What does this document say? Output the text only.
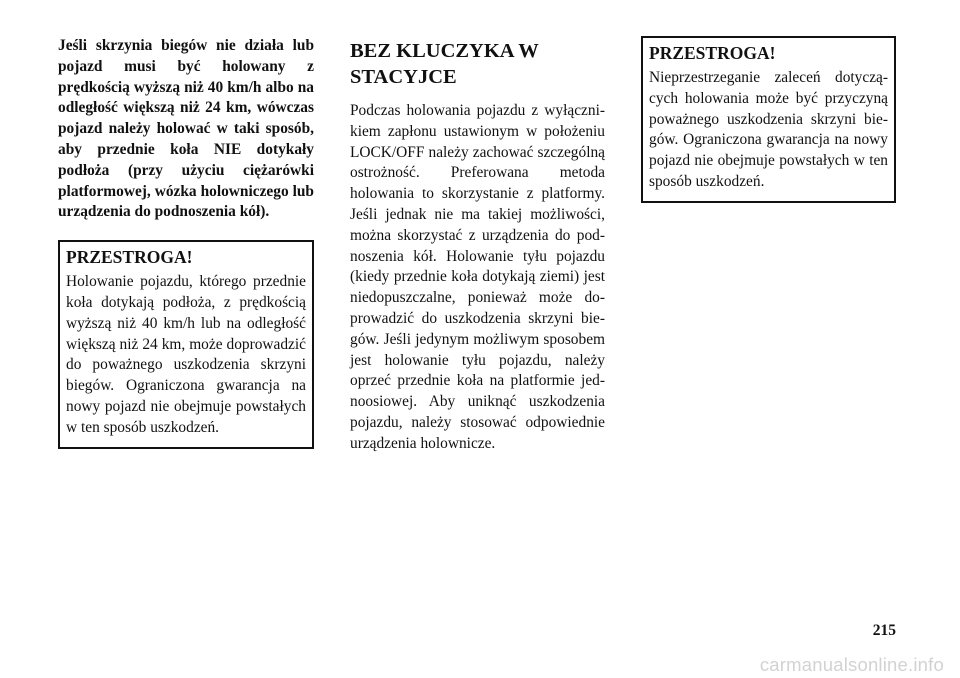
Jeśli skrzynia biegów nie działa lub pojazd musi być holowany z prędkością wyższą niż 40 km/h albo na odległość większą niż 24 km, wówczas pojazd należy holować w taki sposób, aby przednie koła NIE dotykały podłoża (przy użyciu ciężarówki platformowej, wózka holowniczego lub urządzenia do podnoszenia kół).

PRZESTROGA!

Holowanie pojazdu, którego przednie koła dotykają podłoża, z prędkością wyższą niż 40 km/h lub na odległość większą niż 24 km, może doprowadzić do poważnego uszkodzenia skrzyni biegów. Ograniczona gwarancja na nowy pojazd nie obejmuje powstałych w ten sposób uszkodzeń.

BEZ KLUCZYKA W STACYJCE

Podczas holowania pojazdu z wyłącznikiem zapłonu ustawionym w położeniu LOCK/OFF należy zachować szczególną ostrożność. Preferowana metoda holowania to skorzystanie z platformy. Jeśli jednak nie ma takiej możliwości, można skorzystać z urządzenia do podnoszenia kół. Holowanie tyłu pojazdu (kiedy przednie koła dotykają ziemi) jest niedopuszczalne, ponieważ może doprowadzić do uszkodzenia skrzyni biegów. Jeśli jedynym możliwym sposobem jest holowanie tyłu pojazdu, należy oprzeć przednie koła na platformie jednoosiowej. Aby uniknąć uszkodzenia pojazdu, należy stosować odpowiednie urządzenia holownicze.

PRZESTROGA!

Nieprzestrzeganie zaleceń dotyczących holowania może być przyczyną poważnego uszkodzenia skrzyni biegów. Ograniczona gwarancja na nowy pojazd nie obejmuje powstałych w ten sposób uszkodzeń.

215
carmanualsonline.info
